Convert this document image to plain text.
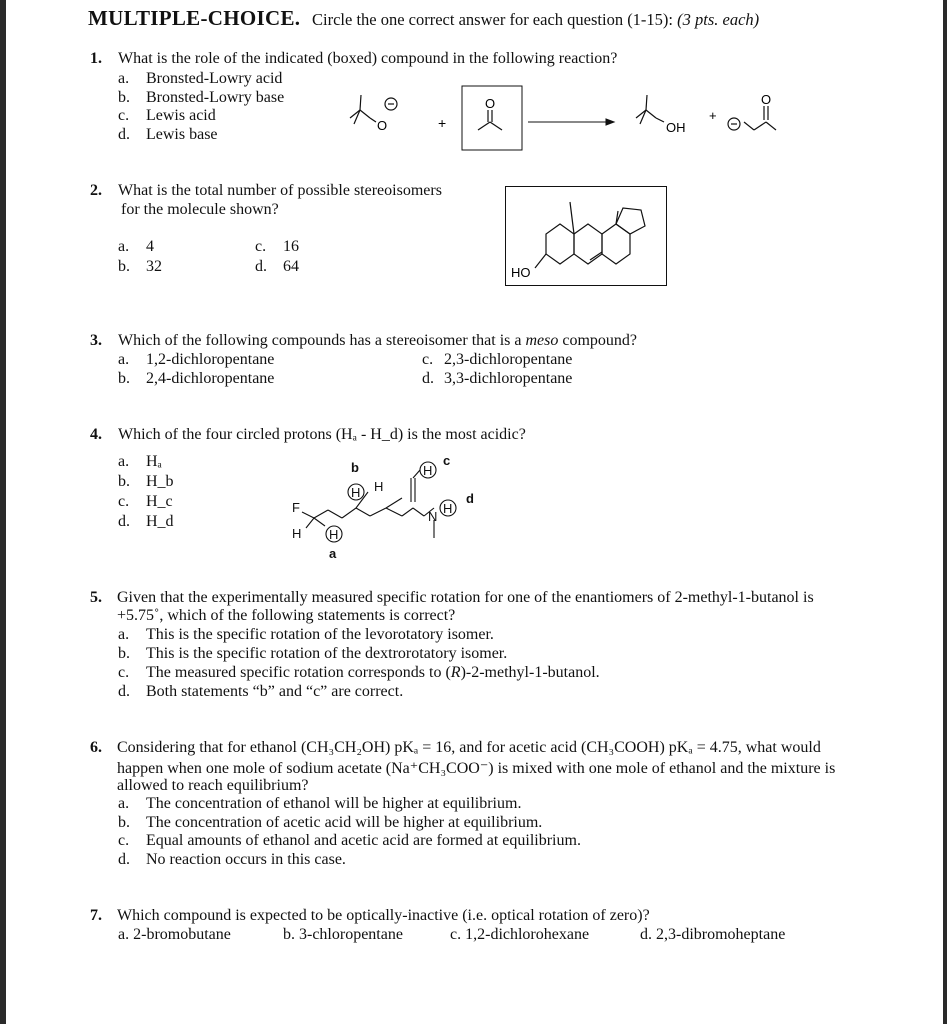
MULTIPLE-CHOICE. Circle the one correct answer for each question (1-15): (3 pts. each)
1. What is the role of the indicated (boxed) compound in the following reaction?
a. Bronsted-Lowry acid
b. Bronsted-Lowry base
c. Lewis acid
d. Lewis base
O	+
O
OH
+
O
2. What is the total number of possible stereoisomers
for the molecule shown?
a. 4
b. 32
c. 16
d. 64	HO
3. Which of the following compounds has a stereoisomer that is a meso compound?
a. 1,2-dichloropentane
b. 2,4-dichloropentane
c. 2,3-dichloropentane
d. 3,3-dichloropentane
4. Which of the four circled protons (Hₐ - H_d) is the most acidic?
a. Hₐ
b. H_b
c. H_c
d. H_d
F
H H
a
b
H H
H
c
N
H
d
5. Given that the experimentally measured specific rotation for one of the enantiomers of 2-methyl-1-butanol is
+5.75˚, which of the following statements is correct?
a. This is the specific rotation of the levorotatory isomer.
b. This is the specific rotation of the dextrorotatory isomer.
c. The measured specific rotation corresponds to (R)-2-methyl-1-butanol.
d. Both statements “b” and “c” are correct.
6. Considering that for ethanol (CH₃CH₂OH) pKₐ = 16, and for acetic acid (CH₃COOH) pKₐ = 4.75, what would
happen when one mole of sodium acetate (Na⁺CH₃COO⁻) is mixed with one mole of ethanol and the mixture is
allowed to reach equilibrium?
a. The concentration of ethanol will be higher at equilibrium.
b. The concentration of acetic acid will be higher at equilibrium.
c. Equal amounts of ethanol and acetic acid are formed at equilibrium.
d. No reaction occurs in this case.
7. Which compound is expected to be optically-inactive (i.e. optical rotation of zero)?
a. 2-bromobutane	b. 3-chloropentane	c. 1,2-dichlorohexane	d. 2,3-dibromoheptane
